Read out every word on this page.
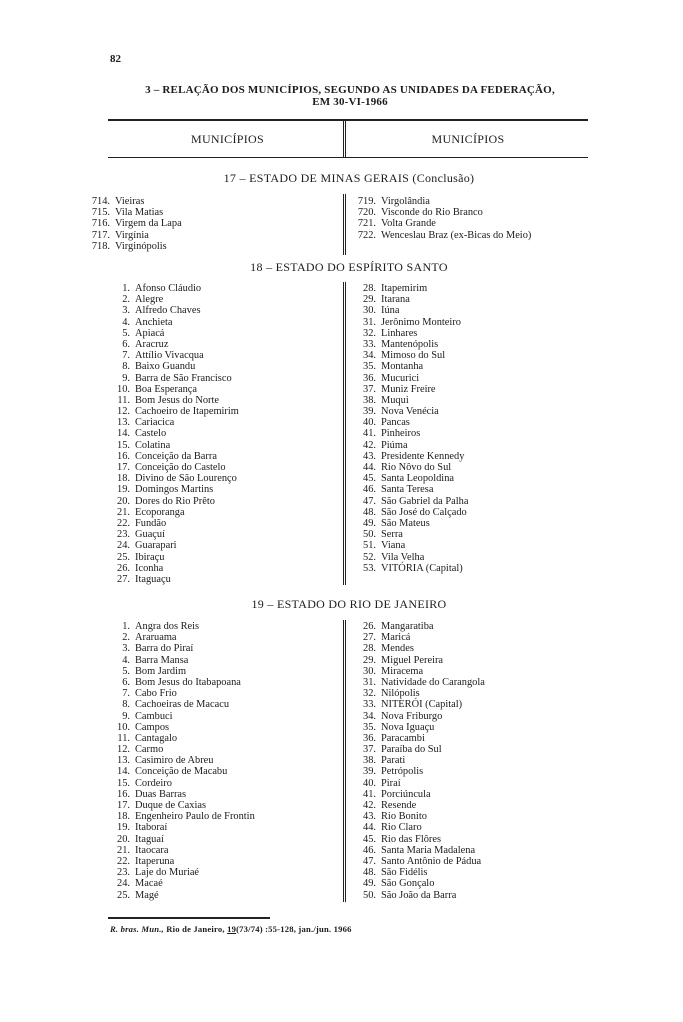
82
3 – RELAÇÃO DOS MUNICÍPIOS, SEGUNDO AS UNIDADES DA FEDERAÇÃO,
EM 30-VI-1966
MUNICÍPIOS	MUNICÍPIOS
17 – ESTADO DE MINAS GERAIS (Conclusão)
714. Vieiras
715. Vila Matias
716. Virgem da Lapa
717. Virgínia
718. Virginópolis
719. Virgolândia
720. Visconde do Rio Branco
721. Volta Grande
722. Wenceslau Braz (ex-Bicas do Meio)
18 – ESTADO DO ESPÍRITO SANTO
1. Afonso Cláudio
2. Alegre
3. Alfredo Chaves
4. Anchieta
5. Apiacá
6. Aracruz
7. Attílio Vivacqua
8. Baixo Guandu
9. Barra de São Francisco
10. Boa Esperança
11. Bom Jesus do Norte
12. Cachoeiro de Itapemirim
13. Cariacica
14. Castelo
15. Colatina
16. Conceição da Barra
17. Conceição do Castelo
18. Divino de São Lourenço
19. Domingos Martins
20. Dores do Rio Prêto
21. Ecoporanga
22. Fundão
23. Guaçuí
24. Guarapari
25. Ibiraçu
26. Iconha
27. Itaguaçu
28. Itapemirim
29. Itarana
30. Iúna
31. Jerônimo Monteiro
32. Linhares
33. Mantenópolis
34. Mimoso do Sul
35. Montanha
36. Mucurici
37. Muniz Freire
38. Muqui
39. Nova Venécia
40. Pancas
41. Pinheiros
42. Piúma
43. Presidente Kennedy
44. Rio Nôvo do Sul
45. Santa Leopoldina
46. Santa Teresa
47. São Gabriel da Palha
48. São José do Calçado
49. São Mateus
50. Serra
51. Viana
52. Vila Velha
53. VITÓRIA (Capital)
19 – ESTADO DO RIO DE JANEIRO
1. Angra dos Reis
2. Araruama
3. Barra do Piraí
4. Barra Mansa
5. Bom Jardim
6. Bom Jesus do Itabapoana
7. Cabo Frio
8. Cachoeiras de Macacu
9. Cambuci
10. Campos
11. Cantagalo
12. Carmo
13. Casimiro de Abreu
14. Conceição de Macabu
15. Cordeiro
16. Duas Barras
17. Duque de Caxias
18. Engenheiro Paulo de Frontin
19. Itaboraí
20. Itaguaí
21. Itaocara
22. Itaperuna
23. Laje do Muriaé
24. Macaé
25. Magé
26. Mangaratiba
27. Maricá
28. Mendes
29. Miguel Pereira
30. Miracema
31. Natividade do Carangola
32. Nilópolis
33. NITERÓI (Capital)
34. Nova Friburgo
35. Nova Iguaçu
36. Paracambi
37. Paraíba do Sul
38. Parati
39. Petrópolis
40. Piraí
41. Porciúncula
42. Resende
43. Rio Bonito
44. Rio Claro
45. Rio das Flôres
46. Santa Maria Madalena
47. Santo Antônio de Pádua
48. São Fidélis
49. São Gonçalo
50. São João da Barra
R. bras. Mun., Rio de Janeiro, 19(73/74) :55-128, jan./jun. 1966
